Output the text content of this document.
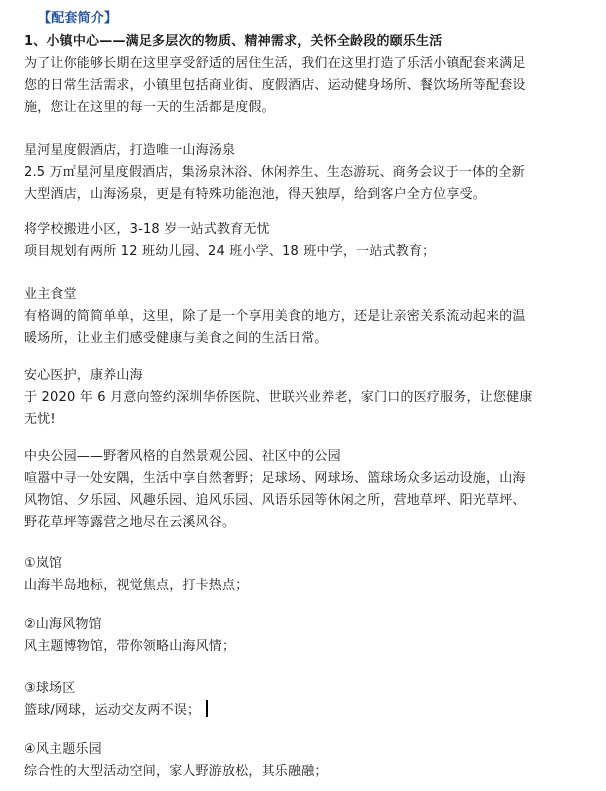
【配套简介】
1、小镇中心——满足多层次的物质、精神需求，关怀全龄段的颐乐生活
为了让你能够长期在这里享受舒适的居住生活，我们在这里打造了乐活小镇配套来满足
您的日常生活需求，小镇里包括商业街、度假酒店、运动健身场所、餐饮场所等配套设
施，您让在这里的每一天的生活都是度假。
星河星度假酒店，打造唯一山海汤泉
2.5 万㎡星河星度假酒店，集汤泉沐浴、休闲养生、生态游玩、商务会议于一体的全新
大型酒店，山海汤泉，更是有特殊功能泡池，得天独厚，给到客户全方位享受。
将学校搬进小区，3-18 岁一站式教育无忧
项目规划有两所 12 班幼儿园、24 班小学、18 班中学，一站式教育；
业主食堂
有格调的简简单单，这里，除了是一个享用美食的地方，还是让亲密关系流动起来的温
暖场所，让业主们感受健康与美食之间的生活日常。
安心医护，康养山海
于 2020 年 6 月意向签约深圳华侨医院、世联兴业养老，家门口的医疗服务，让您健康
无忧!
中央公园——野奢风格的自然景观公园、社区中的公园
喧嚣中寻一处安隅，生活中享自然奢野；足球场、网球场、篮球场众多运动设施，山海
风物馆、夕乐园、风趣乐园、追风乐园、风语乐园等休闲之所，营地草坪、阳光草坪、
野花草坪等露营之地尽在云溪风谷。
①岚馆
山海半岛地标，视觉焦点，打卡热点；
②山海风物馆
风主题博物馆，带你领略山海风情；
③球场区
篮球/网球，运动交友两不误；
④风主题乐园
综合性的大型活动空间，家人野游放松，其乐融融；
